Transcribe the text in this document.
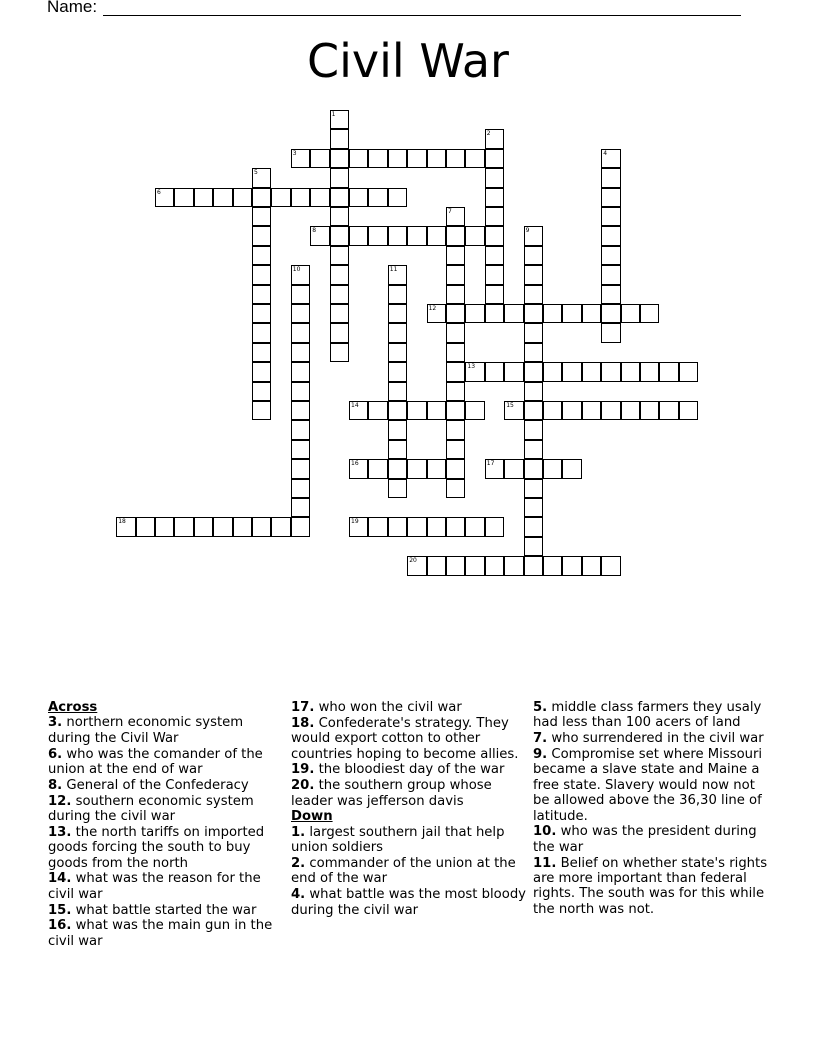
Name:
Civil War
1
2
3	4
5
6
7
8	9
10	11
12
13
14	15
16	17
18	19
20
Across
3. northern economic system during the Civil War
6. who was the comander of the union at the end of war
8. General of the Confederacy
12. southern economic system during the civil war
13. the north tariffs on imported goods forcing the south to buy goods from the north
14. what was the reason for the civil war
15. what battle started the war
16. what was the main gun in the civil war
17. who won the civil war
18. Confederate's strategy. They would export cotton to other countries hoping to become allies.
19. the bloodiest day of the war
20. the southern group whose leader was jefferson davis
Down
1. largest southern jail that help union soldiers
2. commander of the union at the end of the war
4. what battle was the most bloody during the civil war
5. middle class farmers they usaly had less than 100 acers of land
7. who surrendered in the civil war
9. Compromise set where Missouri became a slave state and Maine a free state. Slavery would now not be allowed above the 36,30 line of latitude.
10. who was the president during the war
11. Belief on whether state's rights are more important than federal rights. The south was for this while the north was not.
